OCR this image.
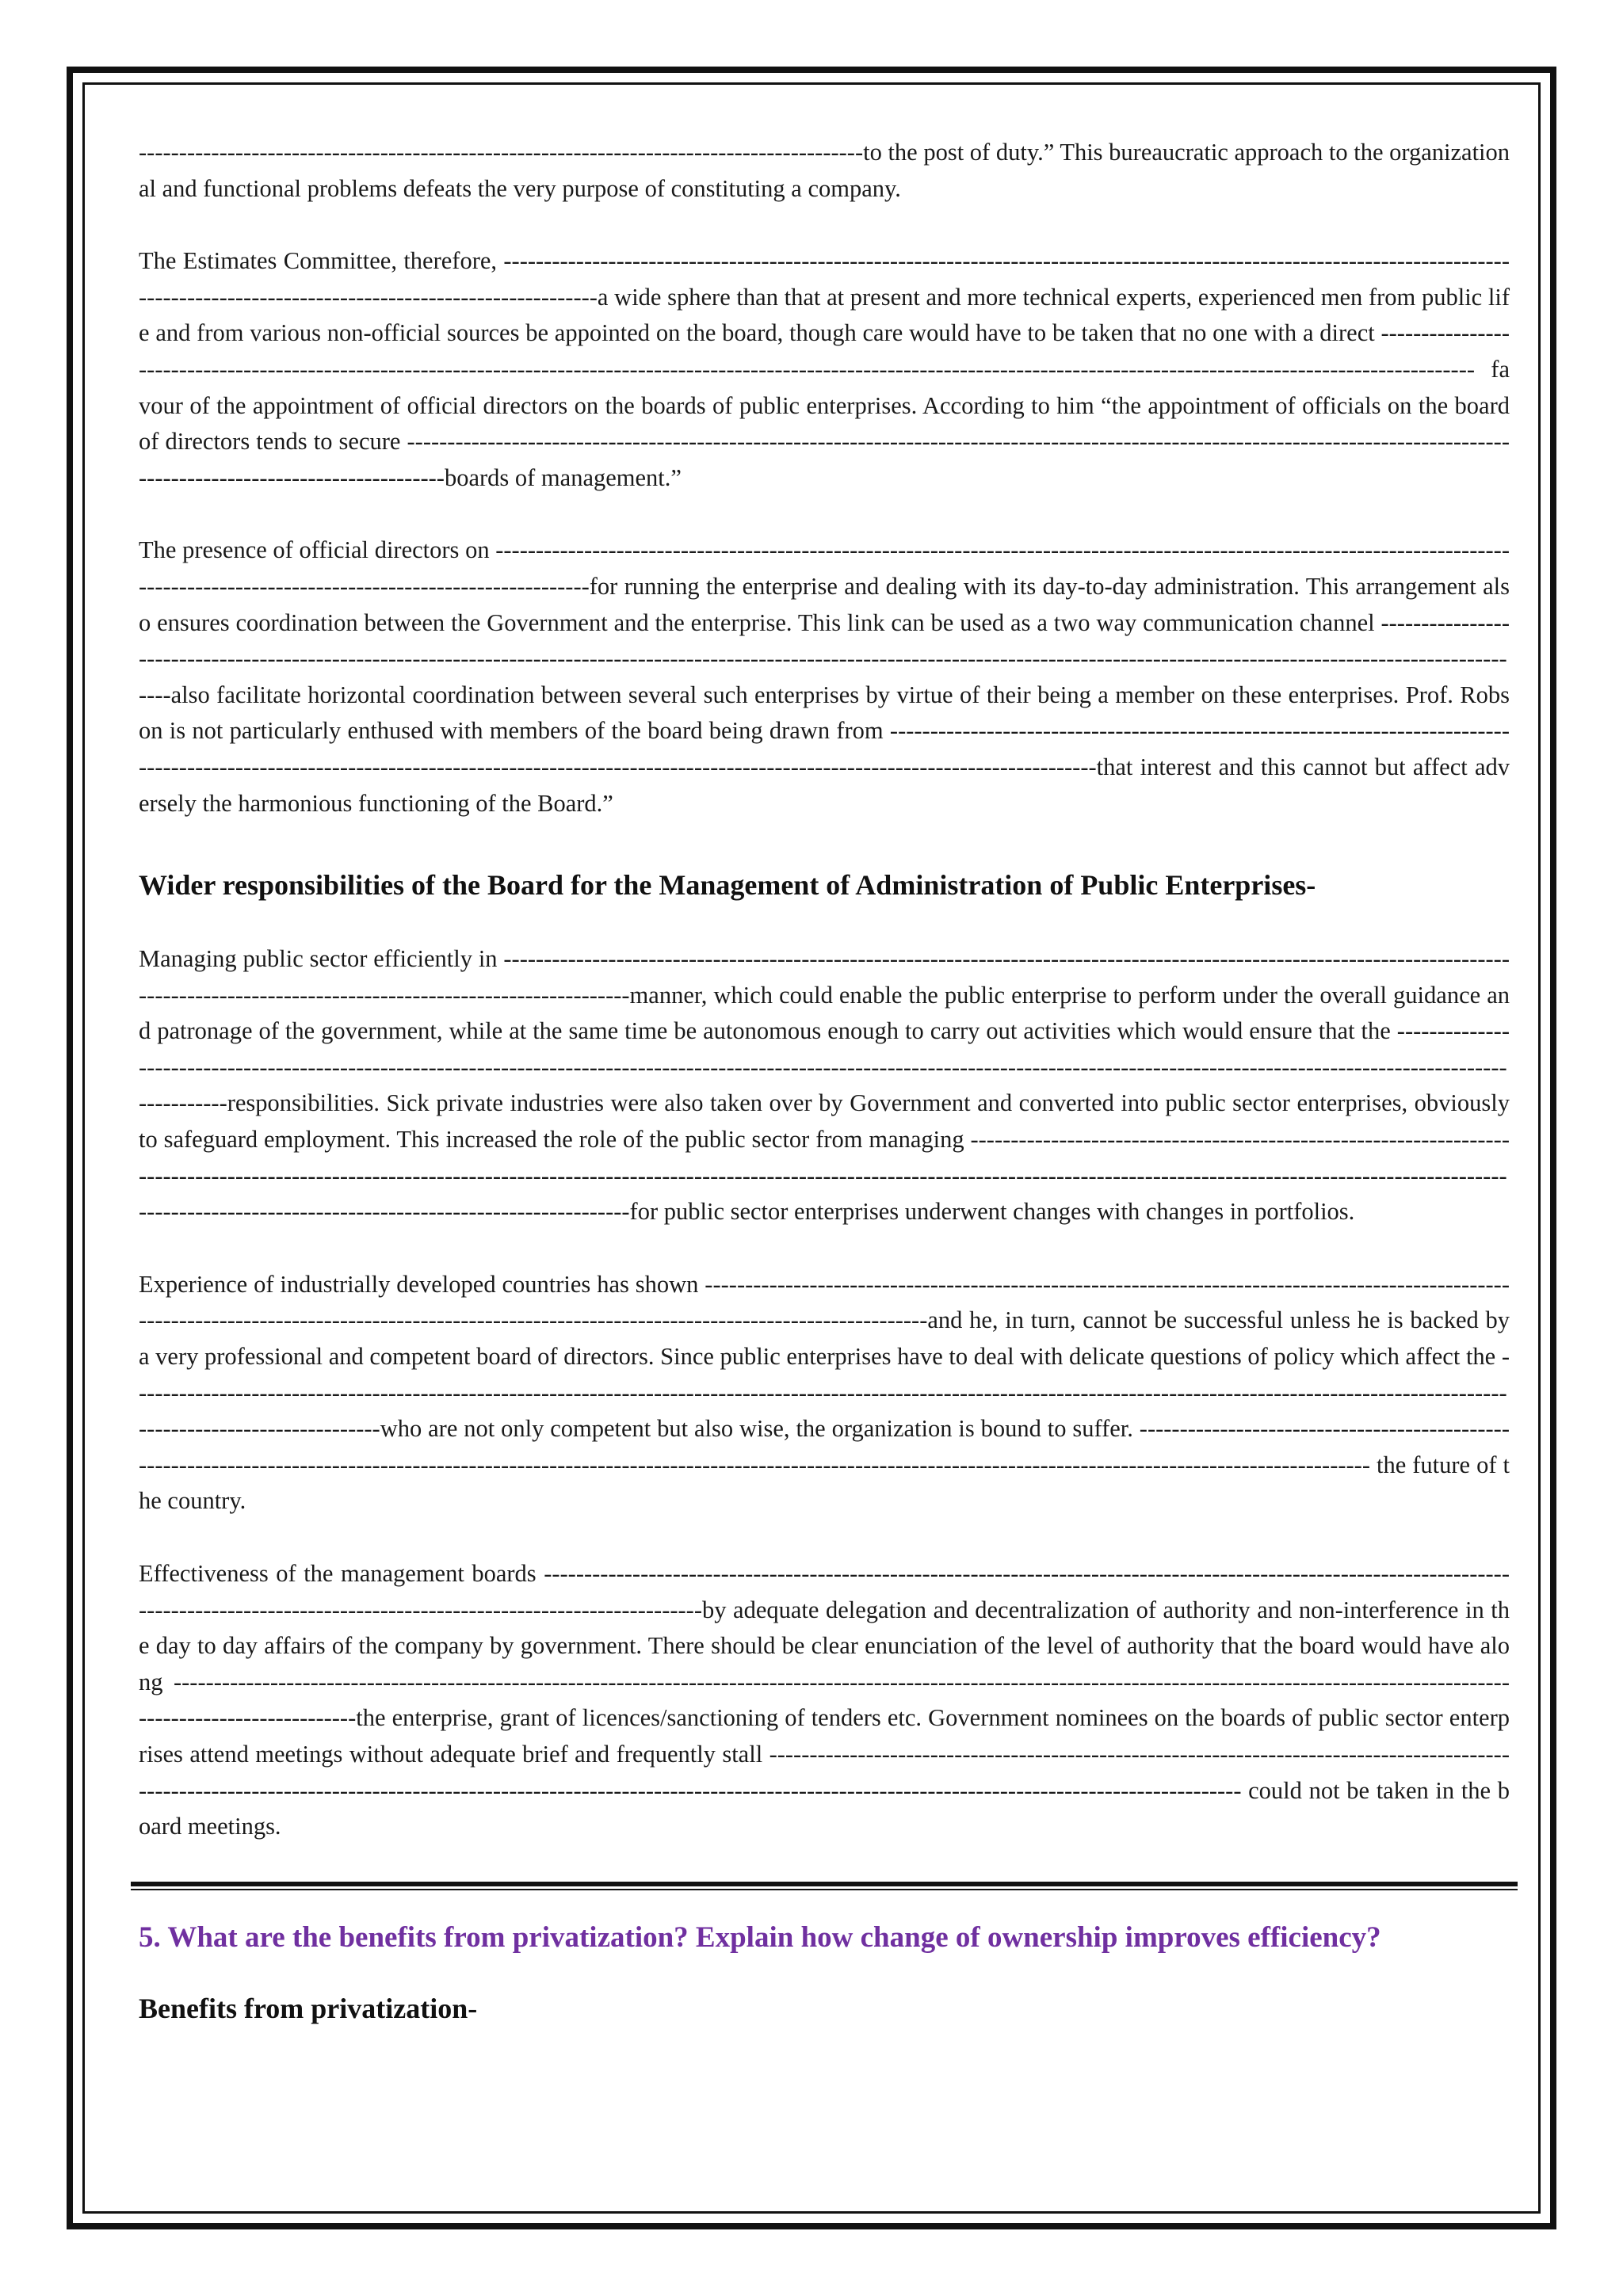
------------------------------------------------------------------------------------------to the post of duty.” This bureaucratic approach to the organizational and functional problems defeats the very purpose of constituting a company.

The Estimates Committee, therefore, --------------------------------------------------------------------------------------------------------------------------------------------------------------------------------------a wide sphere than that at present and more technical experts, experienced men from public life and from various non-official sources be appointed on the board, though care would have to be taken that no one with a direct -------------------------------------------------------------------------------------------------------------------------------------------------------------------------------------- favour of the appointment of official directors on the boards of public enterprises. According to him “the appointment of officials on the board of directors tends to secure -------------------------------------------------------------------------------------------------------------------------------------------------------------------------------boards of management.”

The presence of official directors on --------------------------------------------------------------------------------------------------------------------------------------------------------------------------------------for running the enterprise and dealing with its day-to-day administration. This arrangement also ensures coordination between the Government and the enterprise. This link can be used as a two way communication channel ----------------------------------------------------------------------------------------------------------------------------------------------------------------------------------------------also facilitate horizontal coordination between several such enterprises by virtue of their being a member on these enterprises. Prof. Robson is not particularly enthused with members of the board being drawn from ----------------------------------------------------------------------------------------------------------------------------------------------------------------------------------------------------that interest and this cannot but affect adversely the harmonious functioning of the Board.”

Wider responsibilities of the Board for the Management of Administration of Public Enterprises-

Managing public sector efficiently in ------------------------------------------------------------------------------------------------------------------------------------------------------------------------------------------manner, which could enable the public enterprise to perform under the overall guidance and patronage of the government, while at the same time be autonomous enough to carry out activities which would ensure that the ---------------------------------------------------------------------------------------------------------------------------------------------------------------------------------------------------responsibilities. Sick private industries were also taken over by Government and converted into public sector enterprises, obviously to safeguard employment. This increased the role of the public sector from managing ----------------------------------------------------------------------------------------------------------------------------------------------------------------------------------------------------------------------------------------------------------------------------------------------------------for public sector enterprises underwent changes with changes in portfolios.

Experience of industrially developed countries has shown ------------------------------------------------------------------------------------------------------------------------------------------------------------------------------------------------------and he, in turn, cannot be successful unless he is backed by a very professional and competent board of directors. Since public enterprises have to deal with delicate questions of policy which affect the ---------------------------------------------------------------------------------------------------------------------------------------------------------------------------------------------------------who are not only competent but also wise, the organization is bound to suffer. ------------------------------------------------------------------------------------------------------------------------------------------------------------------------------------------------------- the future of the country.

Effectiveness of the management boards ----------------------------------------------------------------------------------------------------------------------------------------------------------------------------------------------by adequate delegation and decentralization of authority and non-interference in the day to day affairs of the company by government. There should be clear enunciation of the level of authority that the board would have along -------------------------------------------------------------------------------------------------------------------------------------------------------------------------------------------------the enterprise, grant of licences/sanctioning of tenders etc. Government nominees on the boards of public sector enterprises attend meetings without adequate brief and frequently stall ------------------------------------------------------------------------------------------------------------------------------------------------------------------------------------------------------------------------------------- could not be taken in the board meetings.

5. What are the benefits from privatization? Explain how change of ownership improves efficiency?
Benefits from privatization-
